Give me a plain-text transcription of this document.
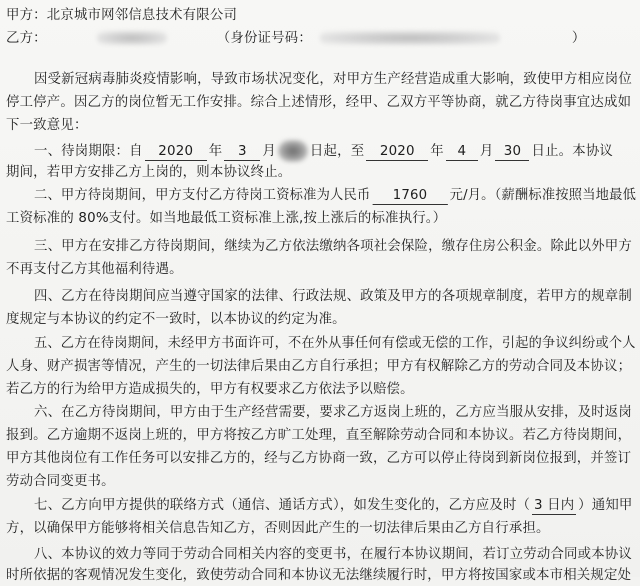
甲方：北京城市网邻信息技术有限公司
乙方：	（身份证号码：	）
因受新冠病毒肺炎疫情影响，导致市场状况变化，对甲方生产经营造成重大影响，致使甲方相应岗位
停工停产。因乙方的岗位暂无工作安排。综合上述情形，经甲、乙双方平等协商，就乙方待岗事宜达成如
下一致意见：
一、待岗期限：自 2020 年 3 月	日起，至 2020 年 4 月 30 日止。本协议
期间，若甲方安排乙方上岗的，则本协议终止。
二、甲方待岗期间，甲方支付乙方待岗工资标准为人民币 1760 元/月。（薪酬标准按照当地最低
工资标准的 80%支付。如当地最低工资标准上涨,按上涨后的标准执行。）
三、甲方在安排乙方待岗期间，继续为乙方依法缴纳各项社会保险，缴存住房公积金。除此以外甲方
不再支付乙方其他福利待遇。
四、乙方在待岗期间应当遵守国家的法律、行政法规、政策及甲方的各项规章制度，若甲方的规章制
度规定与本协议的约定不一致时，以本协议的约定为准。
五、乙方在待岗期间，未经甲方书面许可，不在外从事任何有偿或无偿的工作，引起的争议纠纷或个人
人身、财产损害等情况，产生的一切法律后果由乙方自行承担；甲方有权解除乙方的劳动合同及本协议；
若乙方的行为给甲方造成损失的，甲方有权要求乙方依法予以赔偿。
六、在乙方待岗期间，甲方由于生产经营需要，要求乙方返岗上班的，乙方应当服从安排，及时返岗
报到。乙方逾期不返岗上班的，甲方将按乙方旷工处理，直至解除劳动合同和本协议。若乙方待岗期间，
甲方其他岗位有工作任务可以安排乙方的，经与乙方协商一致，乙方可以停止待岗到新岗位报到，并签订
劳动合同变更书。
七、乙方向甲方提供的联络方式（通信、通话方式），如发生变化的，乙方应及时（ 3 日内 ）通知甲
方，以确保甲方能够将相关信息告知乙方，否则因此产生的一切法律后果由乙方自行承担。
八、本协议的效力等同于劳动合同相关内容的变更书，在履行本协议期间，若订立劳动合同或本协议
时所依据的客观情况发生变化，致使劳动合同和本协议无法继续履行时，甲方将按国家或本市相关规定处
